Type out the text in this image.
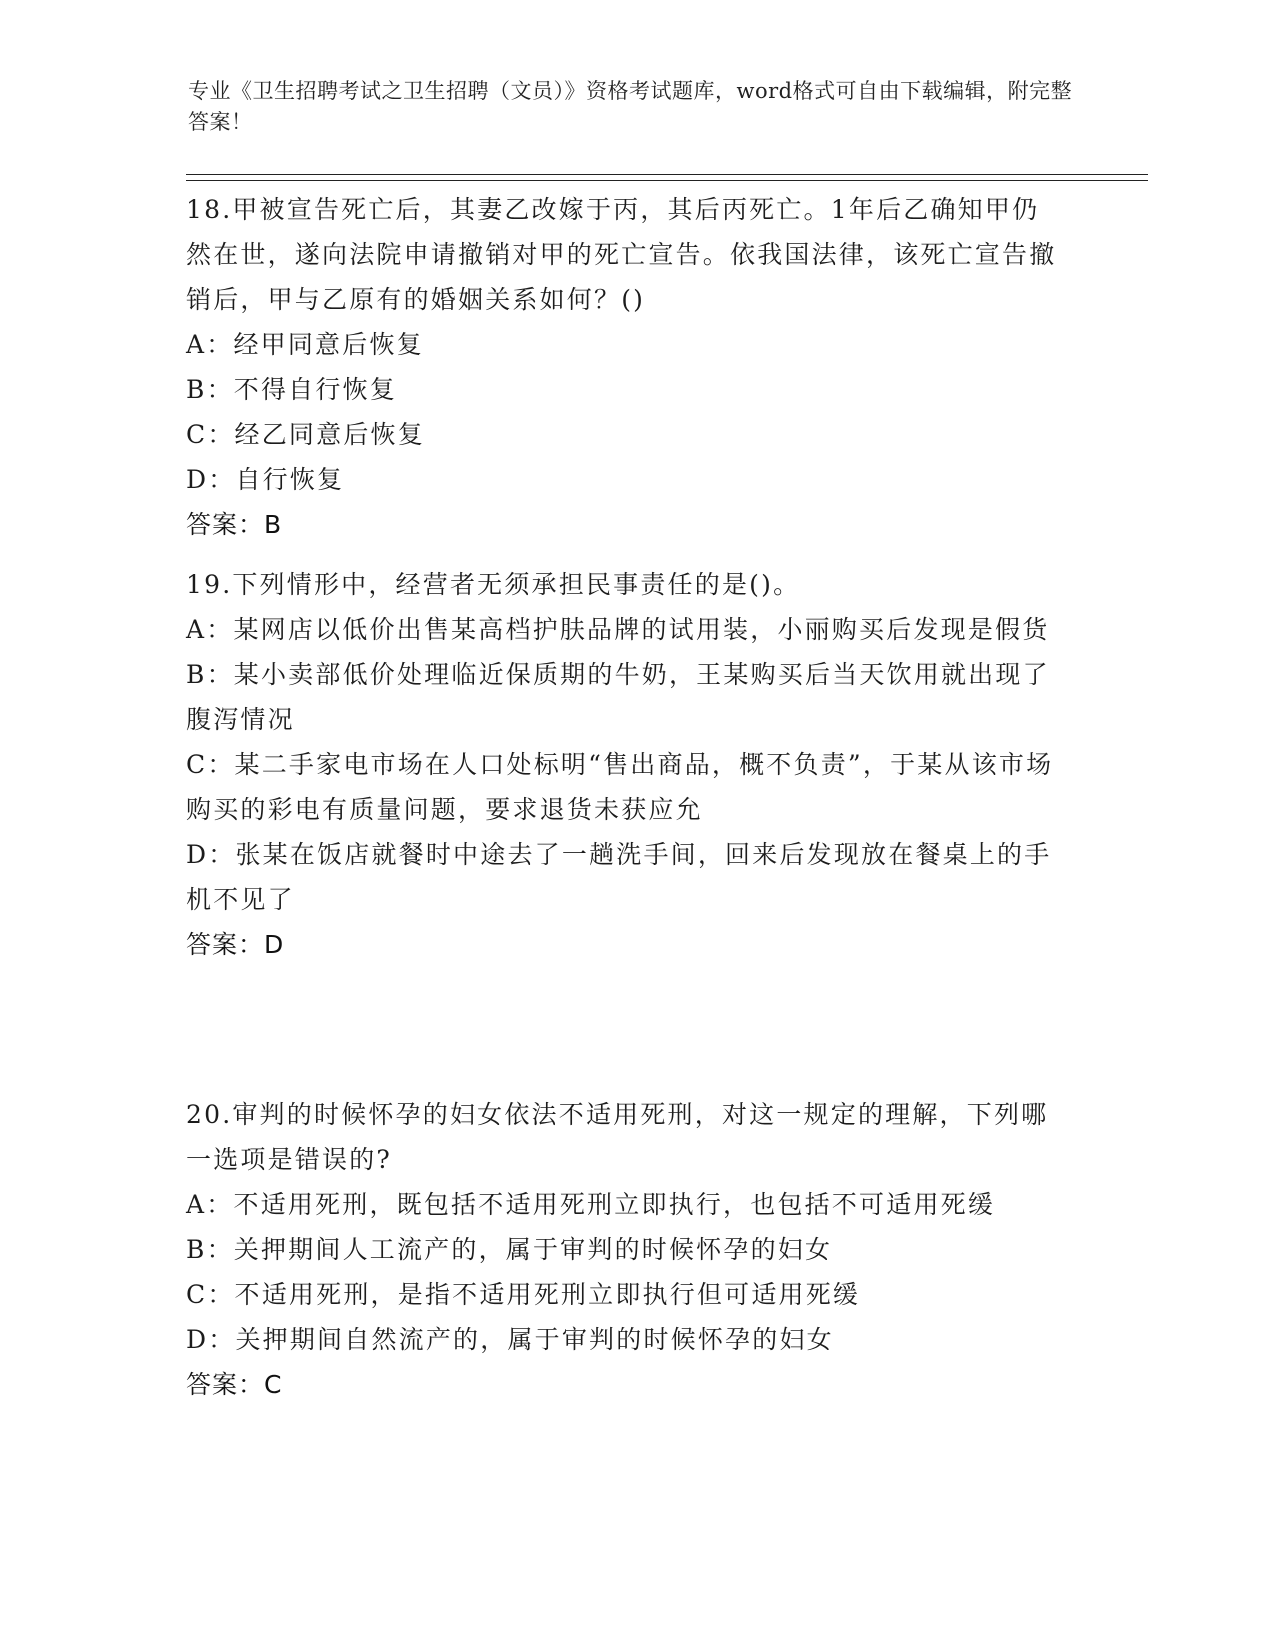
专业《卫生招聘考试之卫生招聘（文员）》资格考试题库，word格式可自由下载编辑，附完整答案！

18.甲被宣告死亡后，其妻乙改嫁于丙，其后丙死亡。1年后乙确知甲仍然在世，遂向法院申请撤销对甲的死亡宣告。依我国法律，该死亡宣告撤销后，甲与乙原有的婚姻关系如何？()

A：经甲同意后恢复

B：不得自行恢复

C：经乙同意后恢复

D：自行恢复

答案：B

19.下列情形中，经营者无须承担民事责任的是()。

A：某网店以低价出售某高档护肤品牌的试用装，小丽购买后发现是假货

B：某小卖部低价处理临近保质期的牛奶，王某购买后当天饮用就出现了腹泻情况

C：某二手家电市场在人口处标明“售出商品，概不负责”，于某从该市场购买的彩电有质量问题，要求退货未获应允

D：张某在饭店就餐时中途去了一趟洗手间，回来后发现放在餐桌上的手机不见了

答案：D

20.审判的时候怀孕的妇女依法不适用死刑，对这一规定的理解，下列哪一选项是错误的?

A：不适用死刑，既包括不适用死刑立即执行，也包括不可适用死缓

B：关押期间人工流产的，属于审判的时候怀孕的妇女

C：不适用死刑，是指不适用死刑立即执行但可适用死缓

D：关押期间自然流产的，属于审判的时候怀孕的妇女

答案：C
